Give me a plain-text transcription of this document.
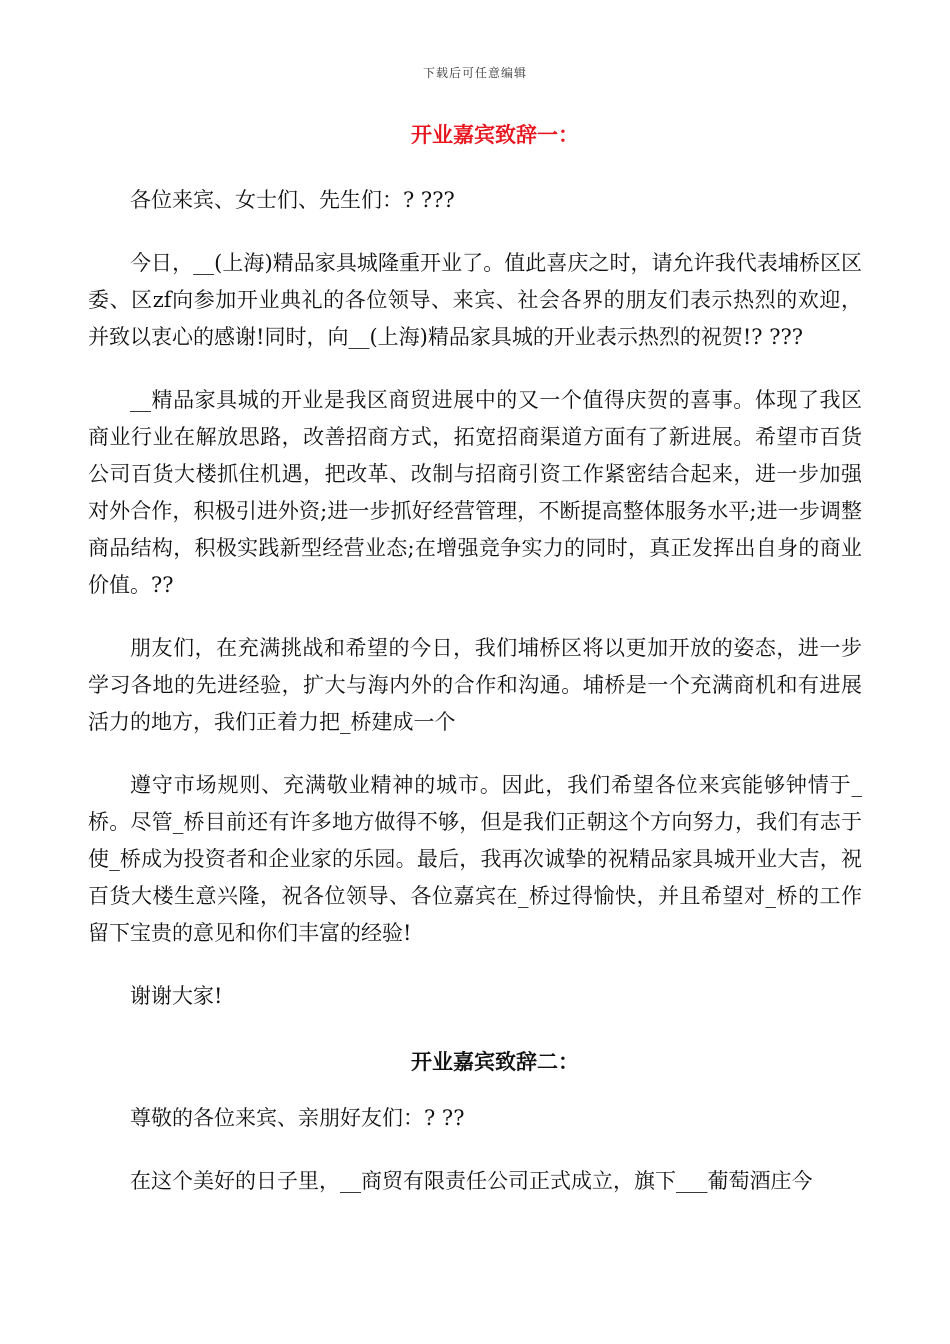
下载后可任意编辑
开业嘉宾致辞一：

各位来宾、女士们、先生们：? ???

今日，__(上海)精品家具城隆重开业了。值此喜庆之时，请允许我代表埔桥区区委、区zf向参加开业典礼的各位领导、来宾、社会各界的朋友们表示热烈的欢迎，并致以衷心的感谢!同时，向__(上海)精品家具城的开业表示热烈的祝贺!? ???

__精品家具城的开业是我区商贸进展中的又一个值得庆贺的喜事。体现了我区商业行业在解放思路，改善招商方式，拓宽招商渠道方面有了新进展。希望市百货公司百货大楼抓住机遇，把改革、改制与招商引资工作紧密结合起来，进一步加强对外合作，积极引进外资;进一步抓好经营管理，不断提高整体服务水平;进一步调整商品结构，积极实践新型经营业态;在增强竞争实力的同时，真正发挥出自身的商业价值。??

朋友们，在充满挑战和希望的今日，我们埔桥区将以更加开放的姿态，进一步学习各地的先进经验，扩大与海内外的合作和沟通。埔桥是一个充满商机和有进展活力的地方，我们正着力把_桥建成一个

遵守市场规则、充满敬业精神的城市。因此，我们希望各位来宾能够钟情于_桥。尽管_桥目前还有许多地方做得不够，但是我们正朝这个方向努力，我们有志于使_桥成为投资者和企业家的乐园。最后，我再次诚挚的祝精品家具城开业大吉，祝百货大楼生意兴隆，祝各位领导、各位嘉宾在_桥过得愉快，并且希望对_桥的工作留下宝贵的意见和你们丰富的经验!

谢谢大家!

开业嘉宾致辞二：

尊敬的各位来宾、亲朋好友们：? ??

在这个美好的日子里，__商贸有限责任公司正式成立，旗下___葡萄酒庄今
